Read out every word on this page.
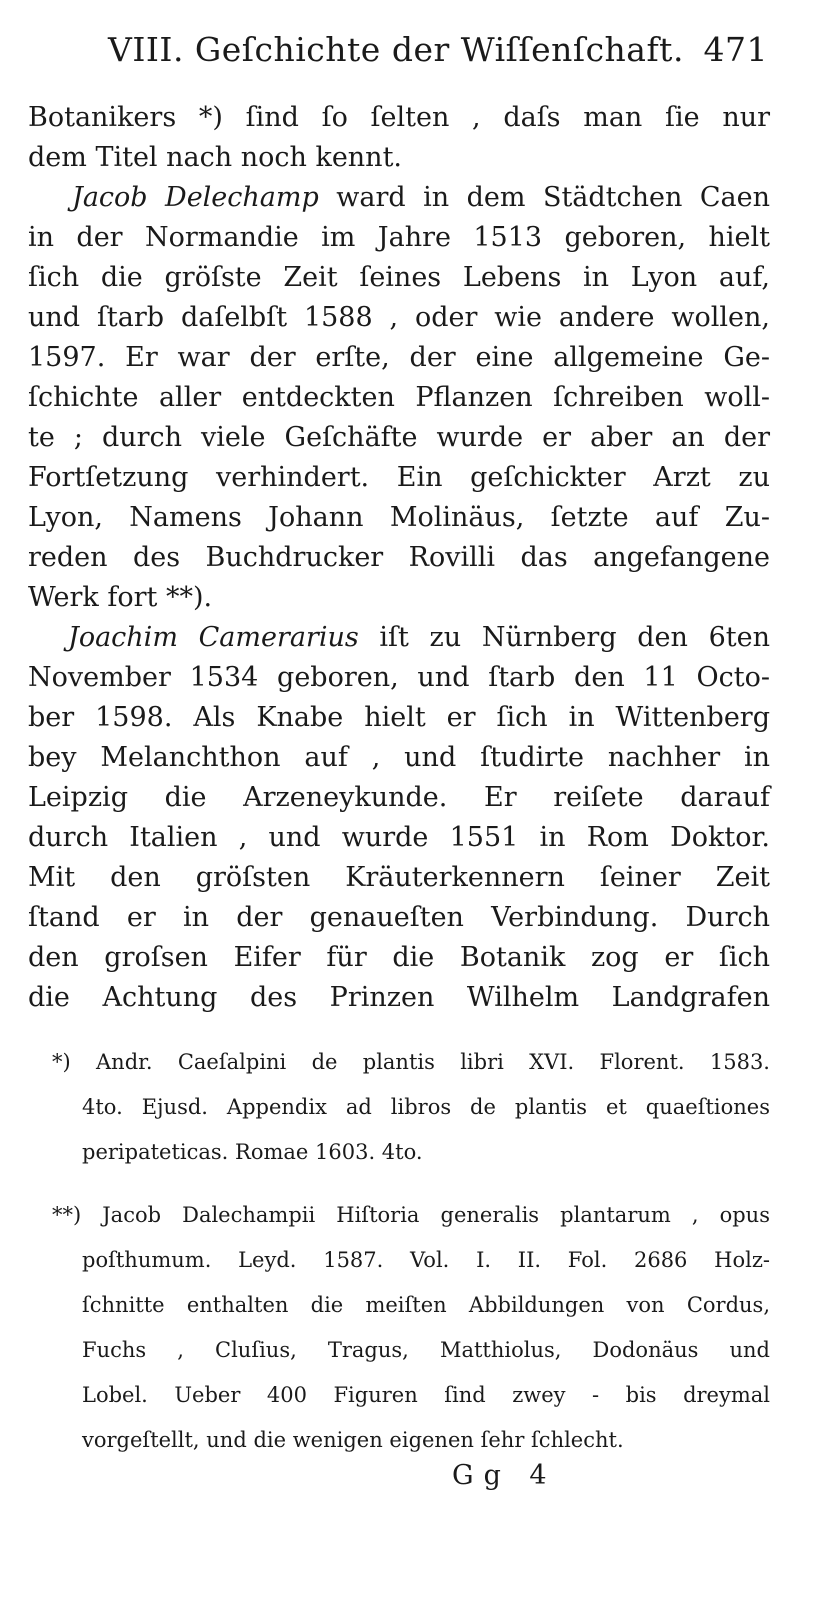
VIII. Geſchichte der Wiſſenſchaft. 471
Botanikers *) ſind ſo ſelten , daſs man ſie nur
dem Titel nach noch kennt.
Jacob Delechamp ward in dem Städtchen Caen
in der Normandie im Jahre 1513 geboren, hielt
ſich die gröſste Zeit ſeines Lebens in Lyon auf,
und ſtarb daſelbſt 1588 , oder wie andere wollen,
1597. Er war der erſte, der eine allgemeine Ge-
ſchichte aller entdeckten Pflanzen ſchreiben woll-
te ; durch viele Geſchäfte wurde er aber an der
Fortſetzung verhindert. Ein geſchickter Arzt zu
Lyon, Namens Johann Molinäus, ſetzte auf Zu-
reden des Buchdrucker Rovilli das angefangene
Werk fort **).
Joachim Camerarius iſt zu Nürnberg den 6ten
November 1534 geboren, und ſtarb den 11 Octo-
ber 1598. Als Knabe hielt er ſich in Wittenberg
bey Melanchthon auf , und ſtudirte nachher in
Leipzig die Arzeneykunde. Er reiſete darauf
durch Italien , und wurde 1551 in Rom Doktor.
Mit den gröſsten Kräuterkennern ſeiner Zeit
ſtand er in der genaueſten Verbindung. Durch
den groſsen Eifer für die Botanik zog er ſich
die Achtung des Prinzen Wilhelm Landgrafen
*) Andr. Caeſalpini de plantis libri XVI. Florent. 1583.
4to. Ejusd. Appendix ad libros de plantis et quaeſtiones
peripateticas. Romae 1603. 4to.
**) Jacob Dalechampii Hiſtoria generalis plantarum , opus
poſthumum. Leyd. 1587. Vol. I. II. Fol. 2686 Holz-
ſchnitte enthalten die meiſten Abbildungen von Cordus,
Fuchs , Cluſius, Tragus, Matthiolus, Dodonäus und
Lobel. Ueber 400 Figuren ſind zwey - bis dreymal
vorgeſtellt, und die wenigen eigenen ſehr ſchlecht.
Gg 4
